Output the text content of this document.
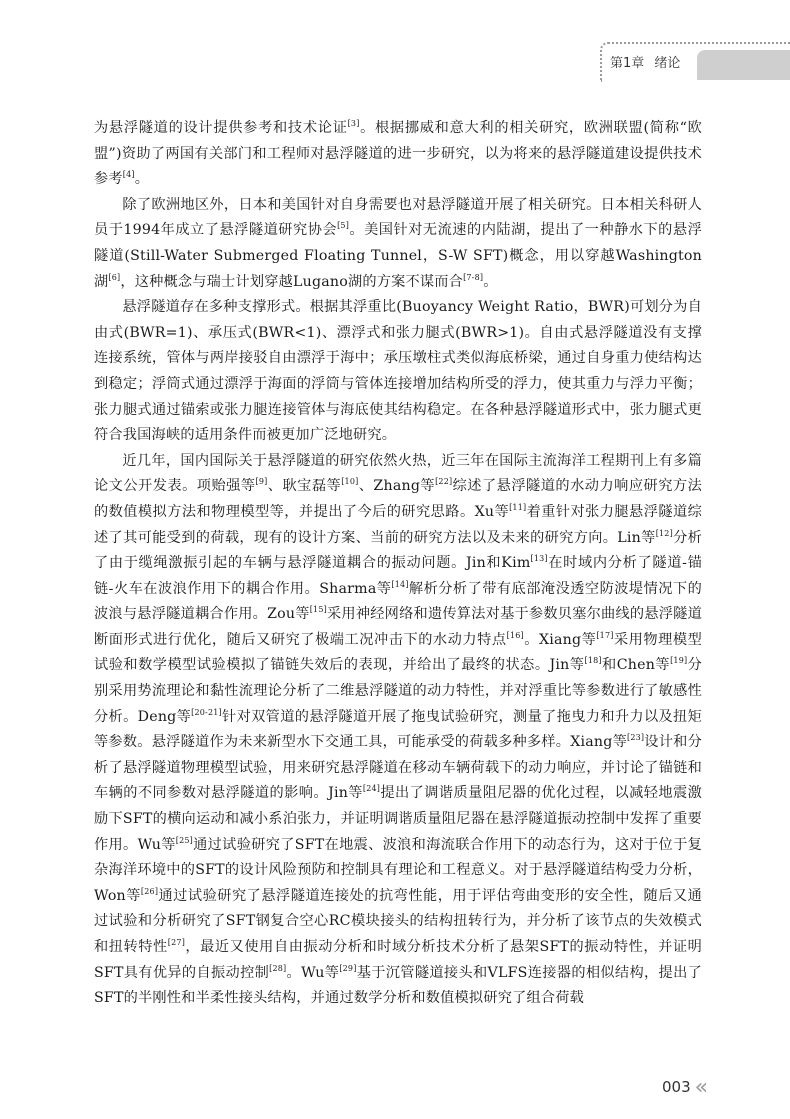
第1章 绪论

为悬浮隧道的设计提供参考和技术论证[3]。根据挪威和意大利的相关研究，欧洲联盟(简称“欧盟”)资助了两国有关部门和工程师对悬浮隧道的进一步研究，以为将来的悬浮隧道建设提供技术参考[4]。

除了欧洲地区外，日本和美国针对自身需要也对悬浮隧道开展了相关研究。日本相关科研人员于1994年成立了悬浮隧道研究协会[5]。美国针对无流速的内陆湖，提出了一种静水下的悬浮隧道(Still-Water Submerged Floating Tunnel，S-W SFT)概念，用以穿越Washington湖[6]，这种概念与瑞士计划穿越Lugano湖的方案不谋而合[7-8]。

悬浮隧道存在多种支撑形式。根据其浮重比(Buoyancy Weight Ratio，BWR)可划分为自由式(BWR=1)、承压式(BWR<1)、漂浮式和张力腿式(BWR>1)。自由式悬浮隧道没有支撑连接系统，管体与两岸接驳自由漂浮于海中；承压墩柱式类似海底桥梁，通过自身重力使结构达到稳定；浮筒式通过漂浮于海面的浮筒与管体连接增加结构所受的浮力，使其重力与浮力平衡；张力腿式通过锚索或张力腿连接管体与海底使其结构稳定。在各种悬浮隧道形式中，张力腿式更符合我国海峡的适用条件而被更加广泛地研究。

近几年，国内国际关于悬浮隧道的研究依然火热，近三年在国际主流海洋工程期刊上有多篇论文公开发表。项贻强等[9]、耿宝磊等[10]、Zhang等[22]综述了悬浮隧道的水动力响应研究方法的数值模拟方法和物理模型等，并提出了今后的研究思路。Xu等[11]着重针对张力腿悬浮隧道综述了其可能受到的荷载，现有的设计方案、当前的研究方法以及未来的研究方向。Lin等[12]分析了由于缆绳激振引起的车辆与悬浮隧道耦合的振动问题。Jin和Kim[13]在时域内分析了隧道-锚链-火车在波浪作用下的耦合作用。Sharma等[14]解析分析了带有底部淹没透空防波堤情况下的波浪与悬浮隧道耦合作用。Zou等[15]采用神经网络和遗传算法对基于参数贝塞尔曲线的悬浮隧道断面形式进行优化，随后又研究了极端工况冲击下的水动力特点[16]。Xiang等[17]采用物理模型试验和数学模型试验模拟了锚链失效后的表现，并给出了最终的状态。Jin等[18]和Chen等[19]分别采用势流理论和黏性流理论分析了二维悬浮隧道的动力特性，并对浮重比等参数进行了敏感性分析。Deng等[20-21]针对双管道的悬浮隧道开展了拖曳试验研究，测量了拖曳力和升力以及扭矩等参数。悬浮隧道作为未来新型水下交通工具，可能承受的荷载多种多样。Xiang等[23]设计和分析了悬浮隧道物理模型试验，用来研究悬浮隧道在移动车辆荷载下的动力响应，并讨论了锚链和车辆的不同参数对悬浮隧道的影响。Jin等[24]提出了调谐质量阻尼器的优化过程，以减轻地震激励下SFT的横向运动和减小系泊张力，并证明调谐质量阻尼器在悬浮隧道振动控制中发挥了重要作用。Wu等[25]通过试验研究了SFT在地震、波浪和海流联合作用下的动态行为，这对于位于复杂海洋环境中的SFT的设计风险预防和控制具有理论和工程意义。对于悬浮隧道结构受力分析，Won等[26]通过试验研究了悬浮隧道连接处的抗弯性能，用于评估弯曲变形的安全性，随后又通过试验和分析研究了SFT钢复合空心RC模块接头的结构扭转行为，并分析了该节点的失效模式和扭转特性[27]，最近又使用自由振动分析和时域分析技术分析了悬架SFT的振动特性，并证明SFT具有优异的自振动控制[28]。Wu等[29]基于沉管隧道接头和VLFS连接器的相似结构，提出了SFT的半刚性和半柔性接头结构，并通过数学分析和数值模拟研究了组合荷载

003 «
